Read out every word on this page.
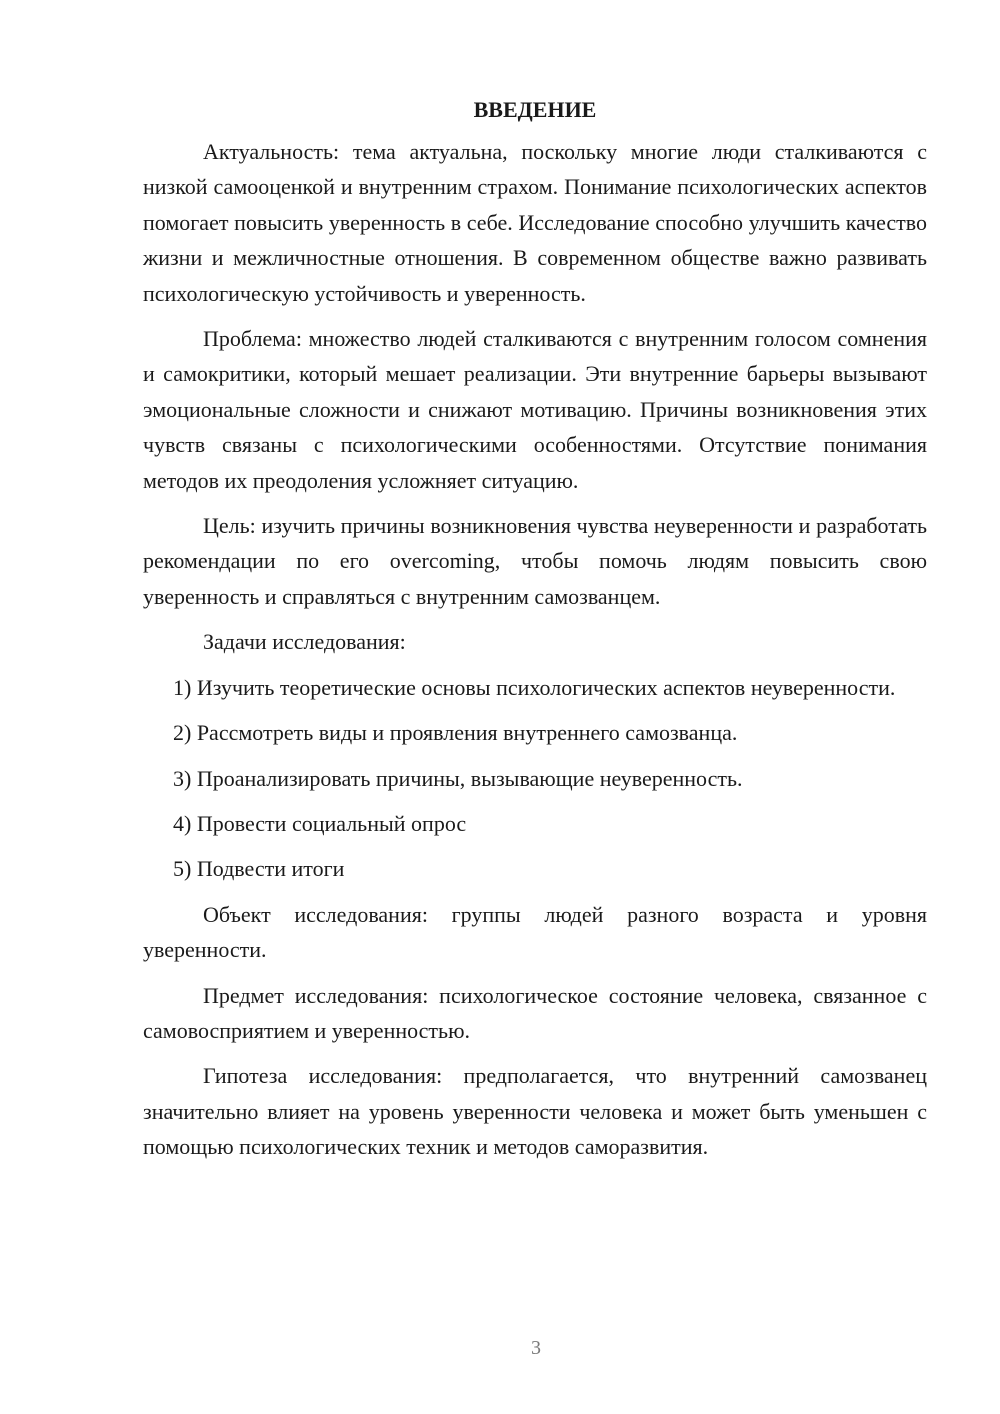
ВВЕДЕНИЕ

Актуальность: тема актуальна, поскольку многие люди сталкиваются с низкой самооценкой и внутренним страхом. Понимание психологических аспектов помогает повысить уверенность в себе. Исследование способно улучшить качество жизни и межличностные отношения. В современном обществе важно развивать психологическую устойчивость и уверенность.

Проблема: множество людей сталкиваются с внутренним голосом сомнения и самокритики, который мешает реализации. Эти внутренние барьеры вызывают эмоциональные сложности и снижают мотивацию. Причины возникновения этих чувств связаны с психологическими особенностями. Отсутствие понимания методов их преодоления усложняет ситуацию.

Цель: изучить причины возникновения чувства неуверенности и разработать рекомендации по его overcoming, чтобы помочь людям повысить свою уверенность и справляться с внутренним самозванцем.

Задачи исследования:

1) Изучить теоретические основы психологических аспектов неуверенности.

2) Рассмотреть виды и проявления внутреннего самозванца.

3) Проанализировать причины, вызывающие неуверенность.

4) Провести социальный опрос

5) Подвести итоги

Объект исследования: группы людей разного возраста и уровня уверенности.

Предмет исследования: психологическое состояние человека, связанное с самовосприятием и уверенностью.

Гипотеза исследования: предполагается, что внутренний самозванец значительно влияет на уровень уверенности человека и может быть уменьшен с помощью психологических техник и методов саморазвития.

3
